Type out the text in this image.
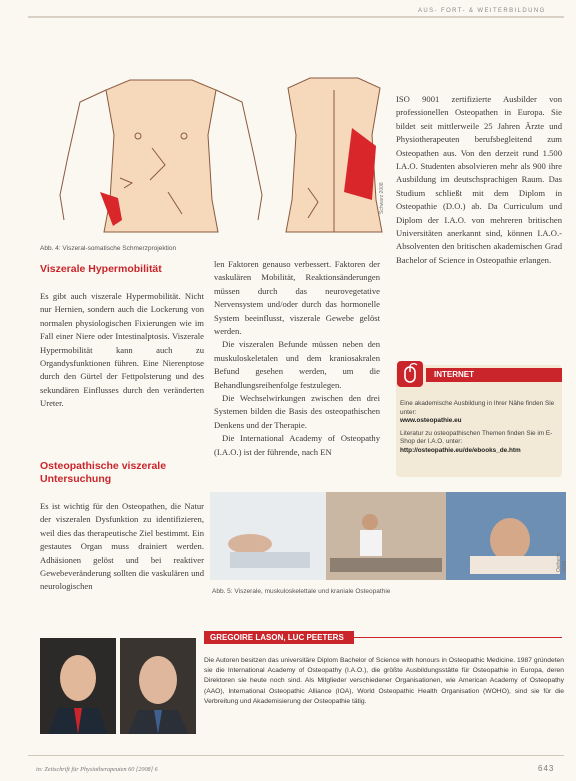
AUS- FORT- & WEITERBILDUNG
Schwarz 2008
Abb. 4: Viszeral-somatische Schmerzprojektion
Viszerale Hypermobilität
Es gibt auch viszerale Hypermobilität. Nicht nur Hernien, sondern auch die Lockerung von normalen physiologischen Fixierungen wie im Fall einer Niere oder Intestinalptosis. Viszerale Hypermobilität kann auch zu Organdysfunktionen führen. Eine Nierenptose durch den Gürtel der Fettpolsterung und des sekundären Einflusses durch den veränderten Ureter.
Osteopathische viszerale Untersuchung
Es ist wichtig für den Osteopathen, die Natur der viszeralen Dysfunktion zu identifizieren, weil dies das therapeutische Ziel bestimmt. Ein gestautes Organ muss drainiert werden. Adhäsionen gelöst und bei reaktiver Gewebeveränderung sollten die vaskulären und neurologischen
len Faktoren genauso verbessert. Faktoren der vaskulären Mobilität, Reaktionsänderungen müssen durch das neurovegetative Nervensystem und/oder durch das hormonelle System beeinflusst, viszerale Gewebe gelöst werden.
Die viszeralen Befunde müssen neben den muskuloskeletalen und dem kraniosakralen Befund gesehen werden, um die Behandlungsreihenfolge festzulegen.
Die Wechselwirkungen zwischen den drei Systemen bilden die Basis des osteopathischen Denkens und der Therapie.
Die International Academy of Osteopathy (I.A.O.) ist der führende, nach EN
ISO 9001 zertifizierte Ausbilder von professionellen Osteopathen in Europa. Sie bildet seit mittlerweile 25 Jahren Ärzte und Physiotherapeuten berufsbegleitend zum Osteopathen aus. Von den derzeit rund 1.500 I.A.O. Studenten absolvieren mehr als 900 ihre Ausbildung im deutschsprachigen Raum. Das Studium schließt mit dem Diplom in Osteopathie (D.O.) ab. Da Curriculum und Diplom der I.A.O. von mehreren britischen Universitäten anerkannt sind, können I.A.O.-Absolventen den britischen akademischen Grad Bachelor of Science in Osteopathie erlangen.
INTERNET
Eine akademische Ausbildung in Ihrer Nähe finden Sie unter:
www.osteopathie.eu
Literatur zu osteopathischen Themen finden Sie im E-Shop der I.A.O. unter:
http://osteopathie.eu/de/ebooks_de.htm
Ostheim 2008
Abb. 5: Viszerale, muskuloskelettale und kraniale Osteopathie
GREGOIRE LASON, LUC PEETERS
Die Autoren besitzen das universitäre Diplom Bachelor of Science with honours in Osteopathic Medicine. 1987 gründeten sie die International Academy of Osteopathy (I.A.O.), die größte Ausbildungsstätte für Osteopathie in Europa, deren Direktoren sie heute noch sind. Als Mitglieder verschiedener Organisationen, wie American Academy of Osteopathy (AAO), International Osteopathic Alliance (IOA), World Osteopathic Health Organisation (WOHO), sind sie für die Verbreitung und Akademisierung der Osteopathie tätig.
in: Zeitschrift für Physiotherapeuten 60 [2008] 6	643
